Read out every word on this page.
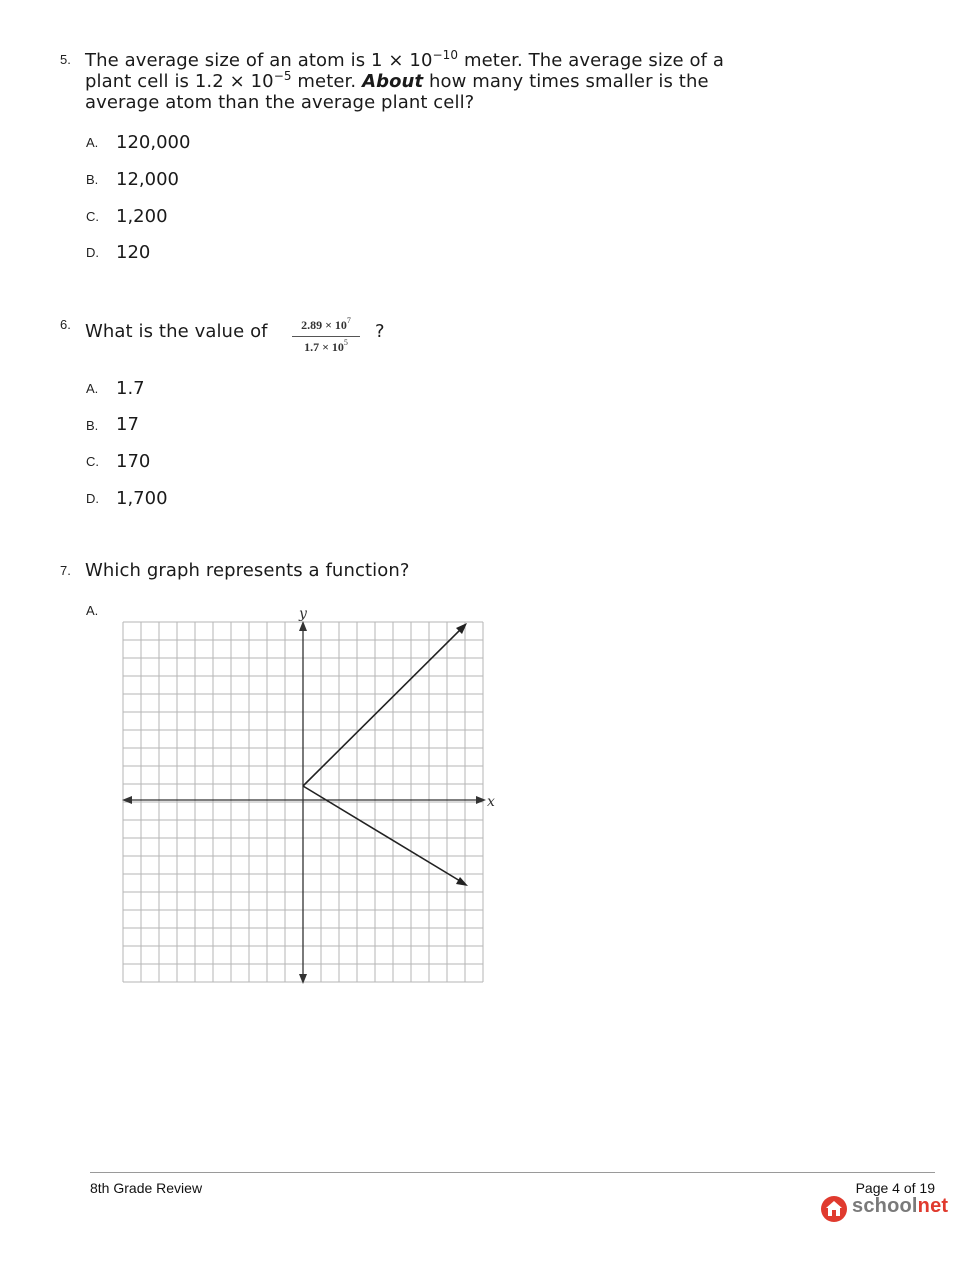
5. The average size of an atom is $1 \times 10^{-10}$ meter. The average size of a
plant cell is $1.2 \times 10^{-5}$ meter. About how many times smaller is the
average atom than the average plant cell?
A. 120,000
B. 12,000
C. 1,200
D. 120
6. What is the value of	$2.89 \times 10^7$
$1.7 \times 10^5$
?
A. 1.7
B. 17
C. 170
D. 1,700
7. Which graph represents a function?
A.
x
y
8th Grade Review	Page 4 of 19
schoolnet
